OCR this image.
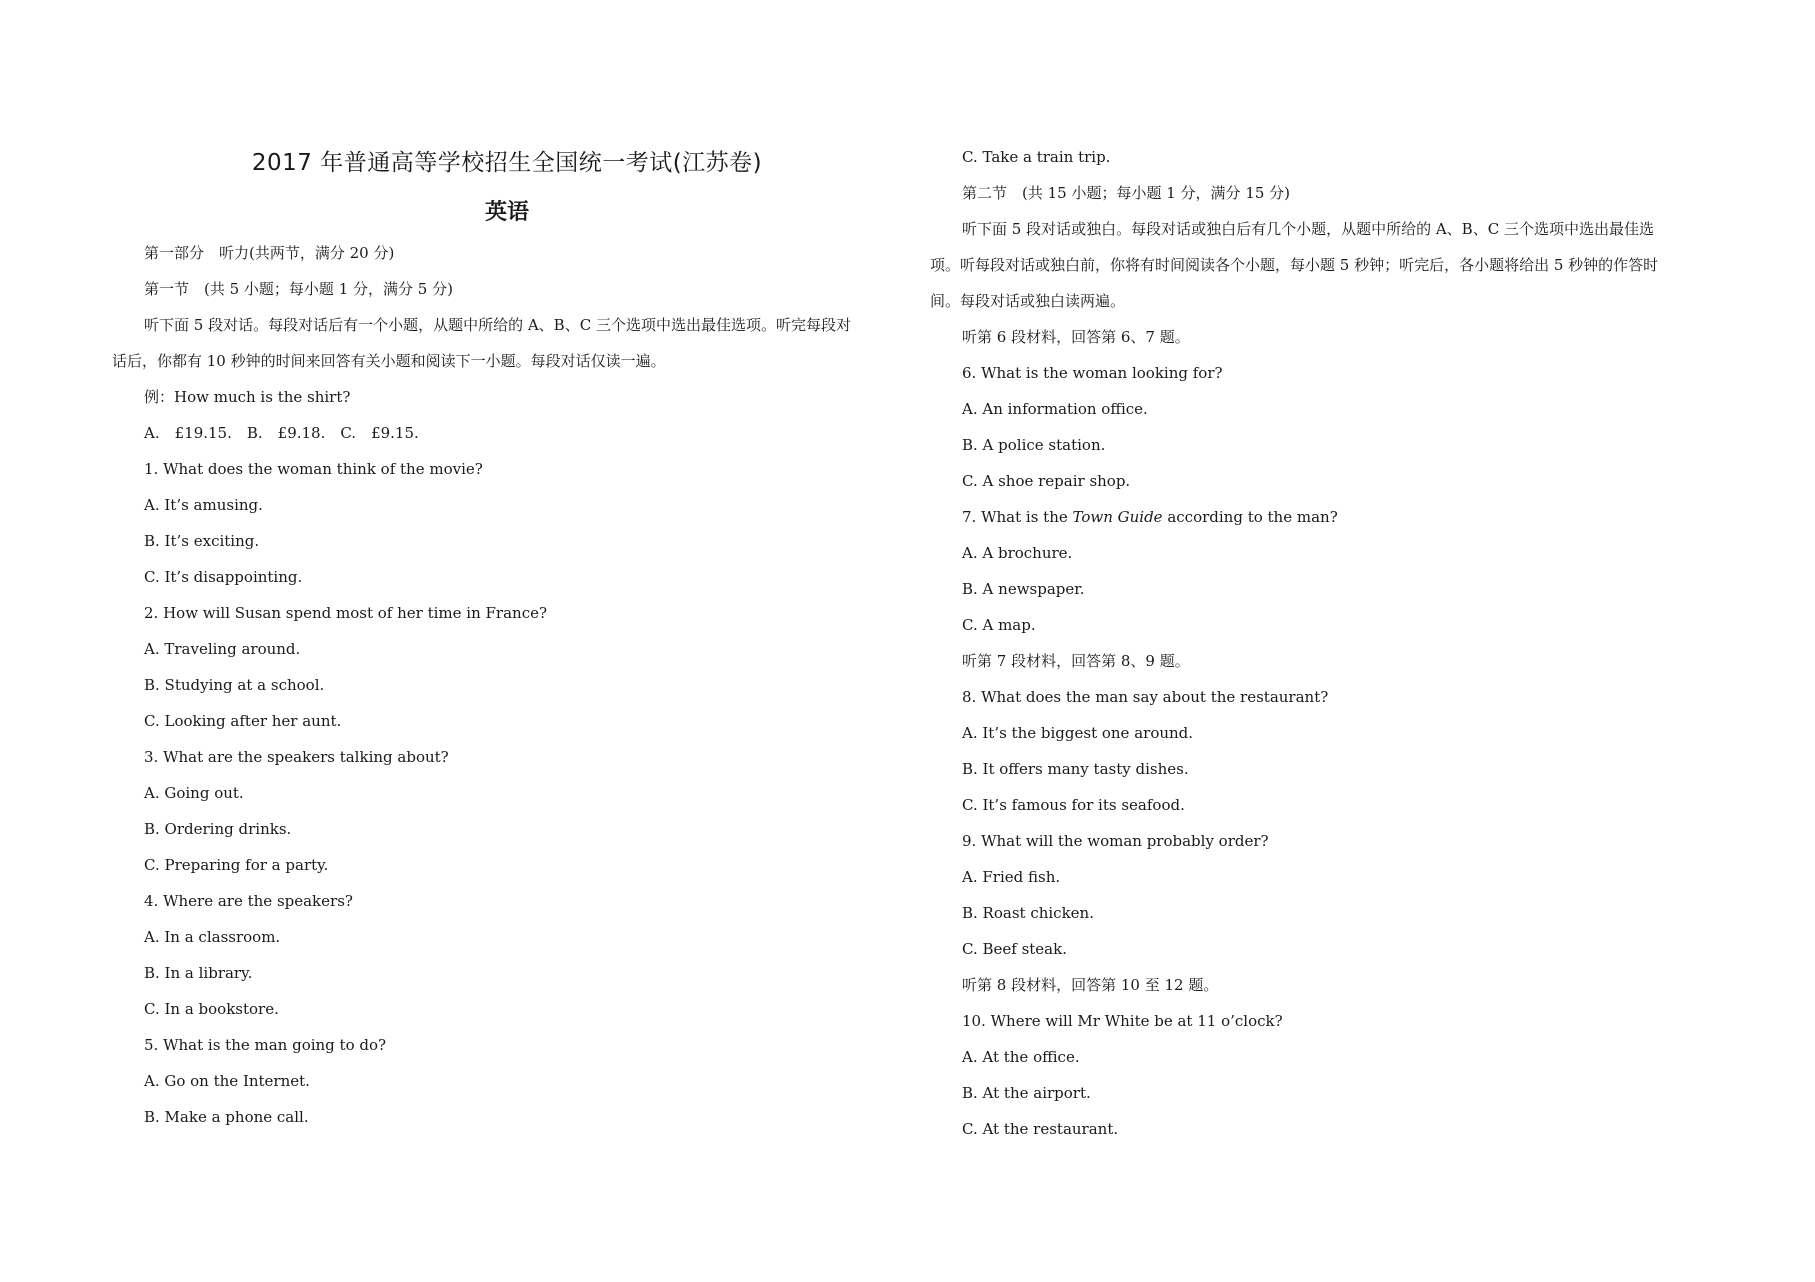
2017 年普通高等学校招生全国统一考试(江苏卷)
英语
第一部分　听力(共两节，满分 20 分)
第一节　(共 5 小题；每小题 1 分，满分 5 分)
听下面 5 段对话。每段对话后有一个小题，从题中所给的 A、B、C 三个选项中选出最佳选项。听完每段对
话后，你都有 10 秒钟的时间来回答有关小题和阅读下一小题。每段对话仅读一遍。
例：How much is the shirt?
A.　£19.15.　B.　£9.18.　C.　£9.15.
1. What does the woman think of the movie?
A. It’s amusing.
B. It’s exciting.
C. It’s disappointing.
2. How will Susan spend most of her time in France?
A. Traveling around.
B. Studying at a school.
C. Looking after her aunt.
3. What are the speakers talking about?
A. Going out.
B. Ordering drinks.
C. Preparing for a party.
4. Where are the speakers?
A. In a classroom.
B. In a library.
C. In a bookstore.
5. What is the man going to do?
A. Go on the Internet.
B. Make a phone call.
C. Take a train trip.
第二节　(共 15 小题；每小题 1 分，满分 15 分)
听下面 5 段对话或独白。每段对话或独白后有几个小题，从题中所给的 A、B、C 三个选项中选出最佳选
项。听每段对话或独白前，你将有时间阅读各个小题，每小题 5 秒钟；听完后，各小题将给出 5 秒钟的作答时
间。每段对话或独白读两遍。
听第 6 段材料，回答第 6、7 题。
6. What is the woman looking for?
A. An information office.
B. A police station.
C. A shoe repair shop.
7. What is the Town Guide according to the man?
A. A brochure.
B. A newspaper.
C. A map.
听第 7 段材料，回答第 8、9 题。
8. What does the man say about the restaurant?
A. It’s the biggest one around.
B. It offers many tasty dishes.
C. It’s famous for its seafood.
9. What will the woman probably order?
A. Fried fish.
B. Roast chicken.
C. Beef steak.
听第 8 段材料，回答第 10 至 12 题。
10. Where will Mr White be at 11 o’clock?
A. At the office.
B. At the airport.
C. At the restaurant.
